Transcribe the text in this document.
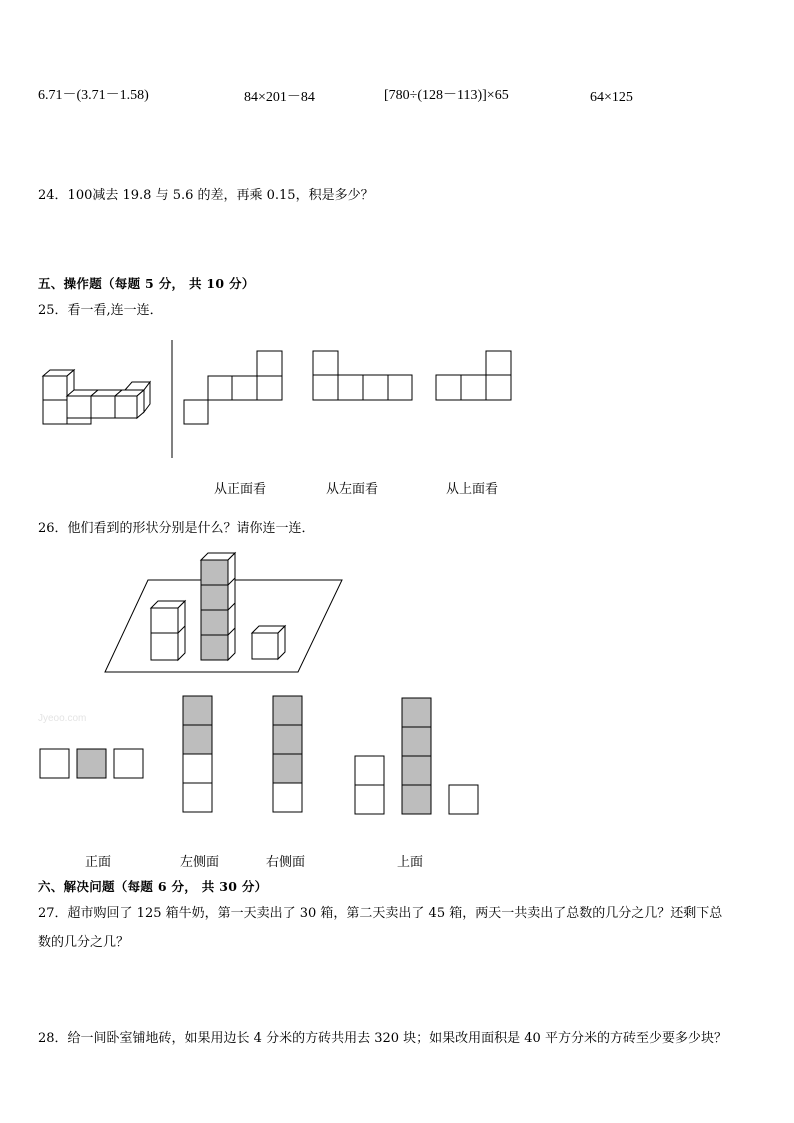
6.71－(3.71－1.58)	84×201－84	[780÷(128－113)]×65	64×125
24．100减去 19.8 与 5.6 的差，再乘 0.15，积是多少？
五、操作题（每题 5 分， 共 10 分）
25．看一看,连一连．
从正面看	从左面看	从上面看
26．他们看到的形状分别是什么？请你连一连．
Jyeoo.com
正面	左侧面	右侧面	上面
六、解决问题（每题 6 分， 共 30 分）
27．超市购回了 125 箱牛奶，第一天卖出了 30 箱，第二天卖出了 45 箱，两天一共卖出了总数的几分之几？还剩下总
数的几分之几？
28．给一间卧室铺地砖，如果用边长 4 分米的方砖共用去 320 块；如果改用面积是 40 平方分米的方砖至少要多少块？
